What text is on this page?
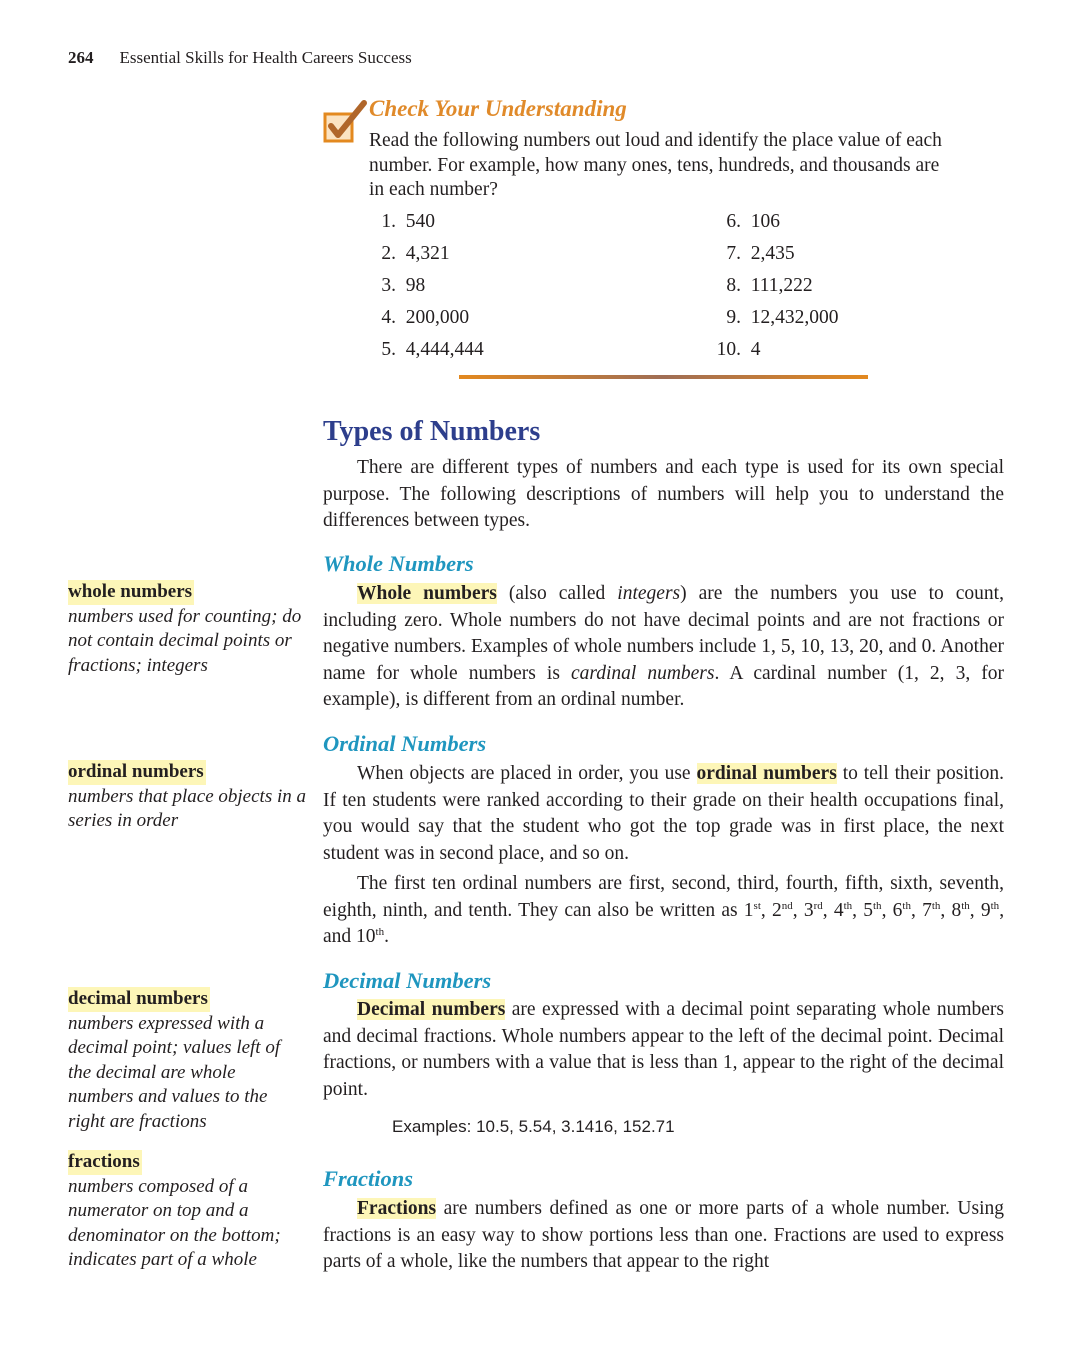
264 Essential Skills for Health Careers Success
Check Your Understanding
Read the following numbers out loud and identify the place value of each number. For example, how many ones, tens, hundreds, and thousands are in each number?
1. 540
2. 4,321
3. 98
4. 200,000
5. 4,444,444
6. 106
7. 2,435
8. 111,222
9. 12,432,000
10. 4
Types of Numbers
There are different types of numbers and each type is used for its own special purpose. The following descriptions of numbers will help you to understand the differences between types.
Whole Numbers
Whole numbers (also called integers) are the numbers you use to count, including zero. Whole numbers do not have decimal points and are not fractions or negative numbers. Examples of whole numbers include 1, 5, 10, 13, 20, and 0. Another name for whole numbers is cardinal numbers. A cardinal number (1, 2, 3, for example), is different from an ordinal number.
Ordinal Numbers
When objects are placed in order, you use ordinal numbers to tell their position. If ten students were ranked according to their grade on their health occupations final, you would say that the student who got the top grade was in first place, the next student was in second place, and so on.
The first ten ordinal numbers are first, second, third, fourth, fifth, sixth, seventh, eighth, ninth, and tenth. They can also be written as 1st, 2nd, 3rd, 4th, 5th, 6th, 7th, 8th, 9th, and 10th.
Decimal Numbers
Decimal numbers are expressed with a decimal point separating whole numbers and decimal fractions. Whole numbers appear to the left of the decimal point. Decimal fractions, or numbers with a value that is less than 1, appear to the right of the decimal point.
Examples: 10.5, 5.54, 3.1416, 152.71
Fractions
Fractions are numbers defined as one or more parts of a whole number. Using fractions is an easy way to show portions less than one. Fractions are used to express parts of a whole, like the numbers that appear to the right
whole numbers
numbers used for counting; do not contain decimal points or fractions; integers
ordinal numbers
numbers that place objects in a series in order
decimal numbers
numbers expressed with a decimal point; values left of the decimal are whole numbers and values to the right are fractions
fractions
numbers composed of a numerator on top and a denominator on the bottom; indicates part of a whole
